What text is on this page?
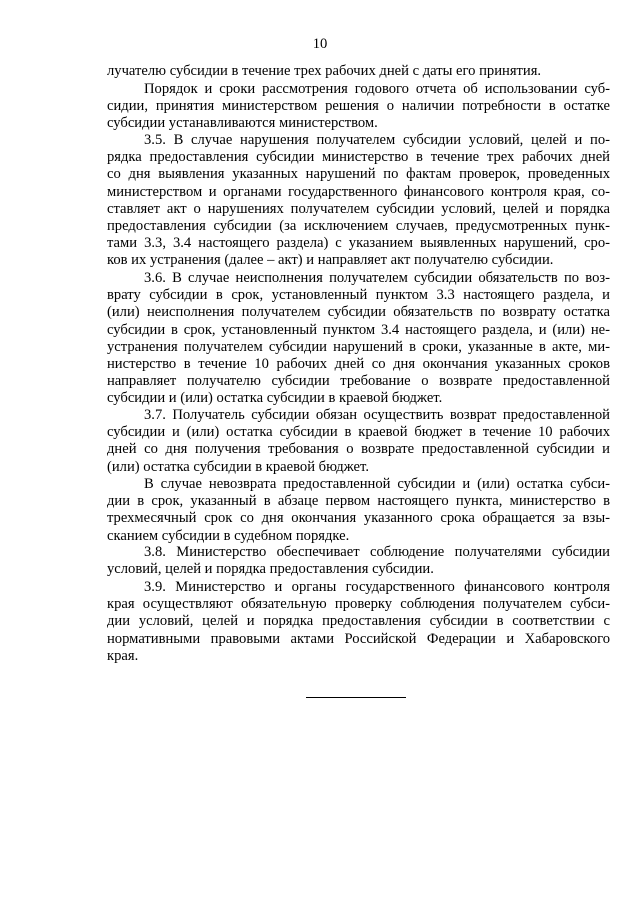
10

лучателю субсидии в течение трех рабочих дней с даты его принятия.

Порядок и сроки рассмотрения годового отчета об использовании суб-
сидии, принятия министерством решения о наличии потребности в остатке
субсидии устанавливаются министерством.

3.5. В случае нарушения получателем субсидии условий, целей и по-
рядка предоставления субсидии министерство в течение трех рабочих дней
со дня выявления указанных нарушений по фактам проверок, проведенных
министерством и органами государственного финансового контроля края, со-
ставляет акт о нарушениях получателем субсидии условий, целей и порядка
предоставления субсидии (за исключением случаев, предусмотренных пунк-
тами 3.3, 3.4 настоящего раздела) с указанием выявленных нарушений, сро-
ков их устранения (далее – акт) и направляет акт получателю субсидии.

3.6. В случае неисполнения получателем субсидии обязательств по воз-
врату субсидии в срок, установленный пунктом 3.3 настоящего раздела, и
(или) неисполнения получателем субсидии обязательств по возврату остатка
субсидии в срок, установленный пунктом 3.4 настоящего раздела, и (или) не-
устранения получателем субсидии нарушений в сроки, указанные в акте, ми-
нистерство в течение 10 рабочих дней со дня окончания указанных сроков
направляет получателю субсидии требование о возврате предоставленной
субсидии и (или) остатка субсидии в краевой бюджет.

3.7. Получатель субсидии обязан осуществить возврат предоставленной
субсидии и (или) остатка субсидии в краевой бюджет в течение 10 рабочих
дней со дня получения требования о возврате предоставленной субсидии и
(или) остатка субсидии в краевой бюджет.

В случае невозврата предоставленной субсидии и (или) остатка субси-
дии в срок, указанный в абзаце первом настоящего пункта, министерство в
трехмесячный срок со дня окончания указанного срока обращается за взы-
сканием субсидии в судебном порядке.

3.8. Министерство обеспечивает соблюдение получателями субсидии
условий, целей и порядка предоставления субсидии.

3.9. Министерство и органы государственного финансового контроля
края осуществляют обязательную проверку соблюдения получателем субси-
дии условий, целей и порядка предоставления субсидии в соответствии с
нормативными правовыми актами Российской Федерации и Хабаровского
края.
